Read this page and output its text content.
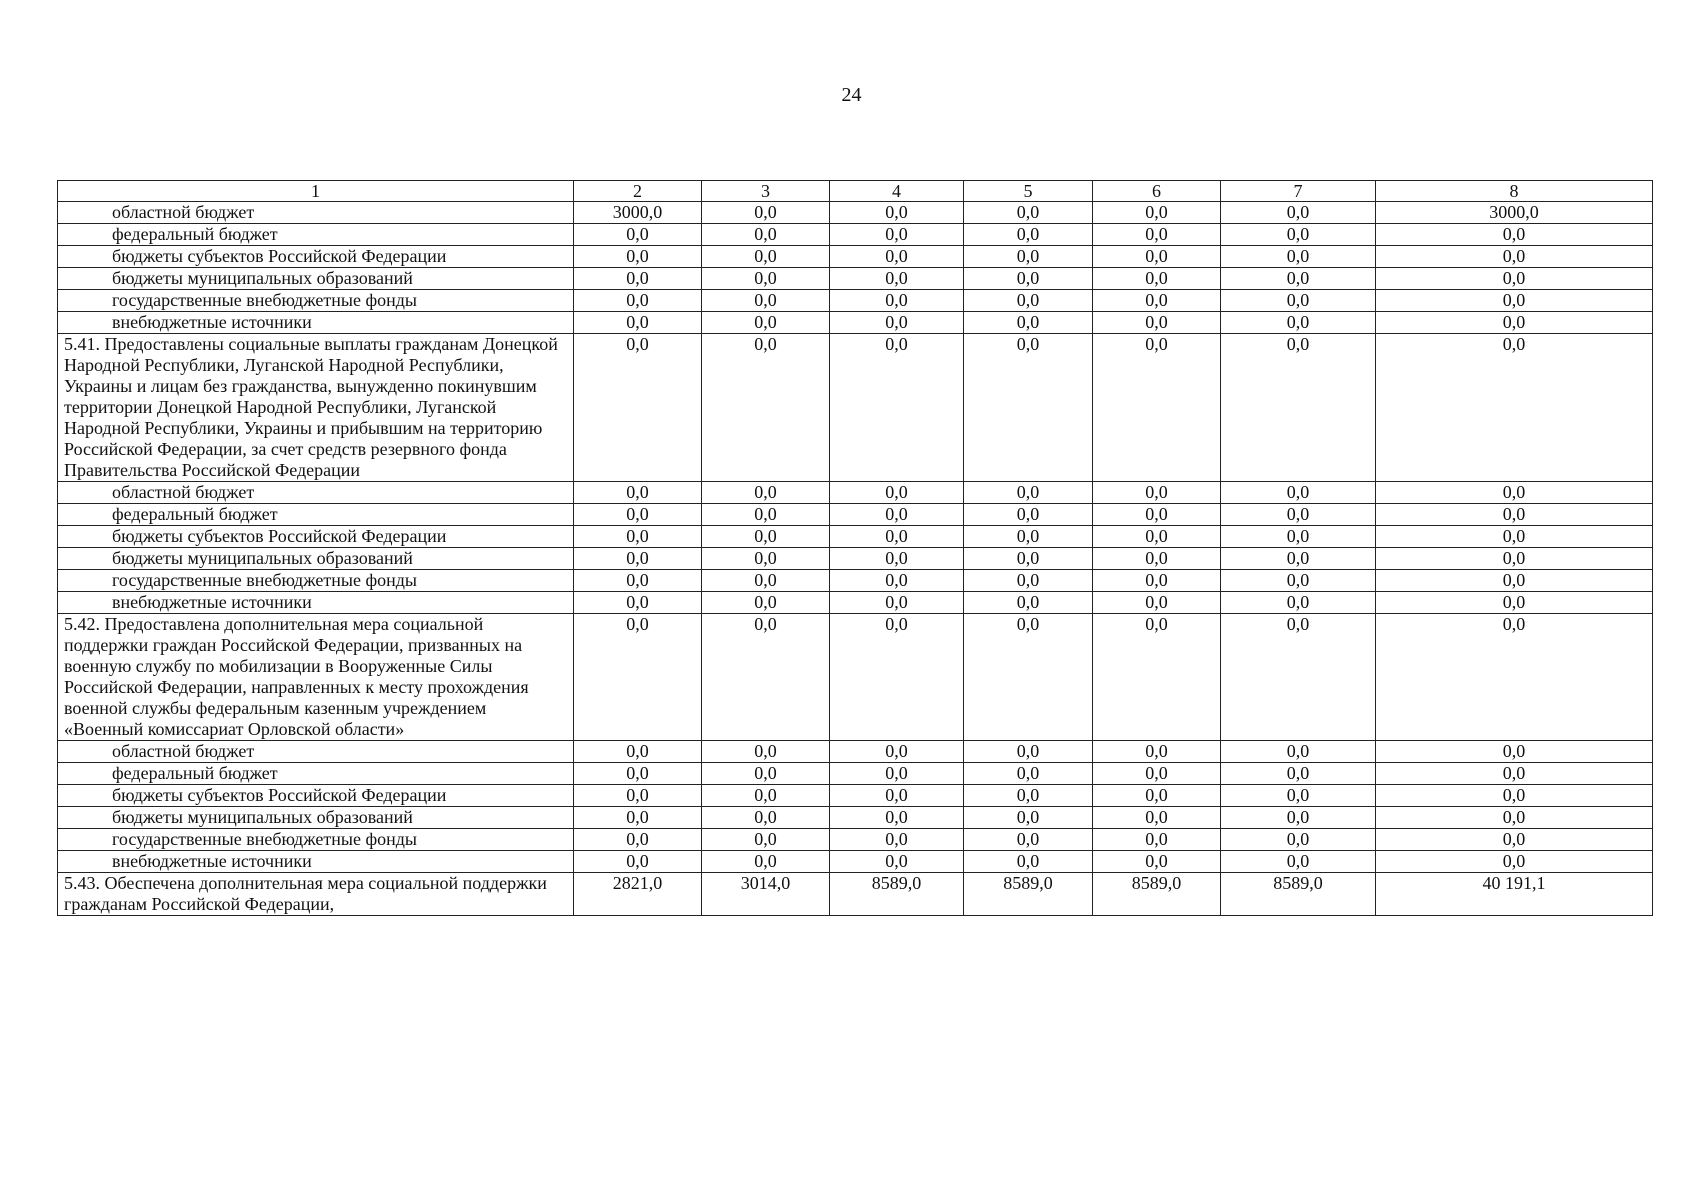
24
1	2	3	4	5	6	7	8
областной бюджет	3000,0	0,0	0,0	0,0	0,0	0,0	3000,0
федеральный бюджет	0,0	0,0	0,0	0,0	0,0	0,0	0,0
бюджеты субъектов Российской Федерации	0,0	0,0	0,0	0,0	0,0	0,0	0,0
бюджеты муниципальных образований	0,0	0,0	0,0	0,0	0,0	0,0	0,0
государственные внебюджетные фонды	0,0	0,0	0,0	0,0	0,0	0,0	0,0
внебюджетные источники	0,0	0,0	0,0	0,0	0,0	0,0	0,0
5.41. Предоставлены социальные выплаты гражданам Донецкой Народной Республики, Луганской Народной Республики, Украины и лицам без гражданства, вынужденно покинувшим территории Донецкой Народной Республики, Луганской Народной Республики, Украины и прибывшим на территорию Российской Федерации, за счет средств резервного фонда Правительства Российской Федерации	0,0	0,0	0,0	0,0	0,0	0,0	0,0
областной бюджет	0,0	0,0	0,0	0,0	0,0	0,0	0,0
федеральный бюджет	0,0	0,0	0,0	0,0	0,0	0,0	0,0
бюджеты субъектов Российской Федерации	0,0	0,0	0,0	0,0	0,0	0,0	0,0
бюджеты муниципальных образований	0,0	0,0	0,0	0,0	0,0	0,0	0,0
государственные внебюджетные фонды	0,0	0,0	0,0	0,0	0,0	0,0	0,0
внебюджетные источники	0,0	0,0	0,0	0,0	0,0	0,0	0,0
5.42. Предоставлена дополнительная мера социальной поддержки граждан Российской Федерации, призванных на военную службу по мобилизации в Вооруженные Силы Российской Федерации, направленных к месту прохождения военной службы федеральным казенным учреждением «Военный комиссариат Орловской области»	0,0	0,0	0,0	0,0	0,0	0,0	0,0
областной бюджет	0,0	0,0	0,0	0,0	0,0	0,0	0,0
федеральный бюджет	0,0	0,0	0,0	0,0	0,0	0,0	0,0
бюджеты субъектов Российской Федерации	0,0	0,0	0,0	0,0	0,0	0,0	0,0
бюджеты муниципальных образований	0,0	0,0	0,0	0,0	0,0	0,0	0,0
государственные внебюджетные фонды	0,0	0,0	0,0	0,0	0,0	0,0	0,0
внебюджетные источники	0,0	0,0	0,0	0,0	0,0	0,0	0,0
5.43. Обеспечена дополнительная мера социальной поддержки гражданам Российской Федерации,	2821,0	3014,0	8589,0	8589,0	8589,0	8589,0	40 191,1
